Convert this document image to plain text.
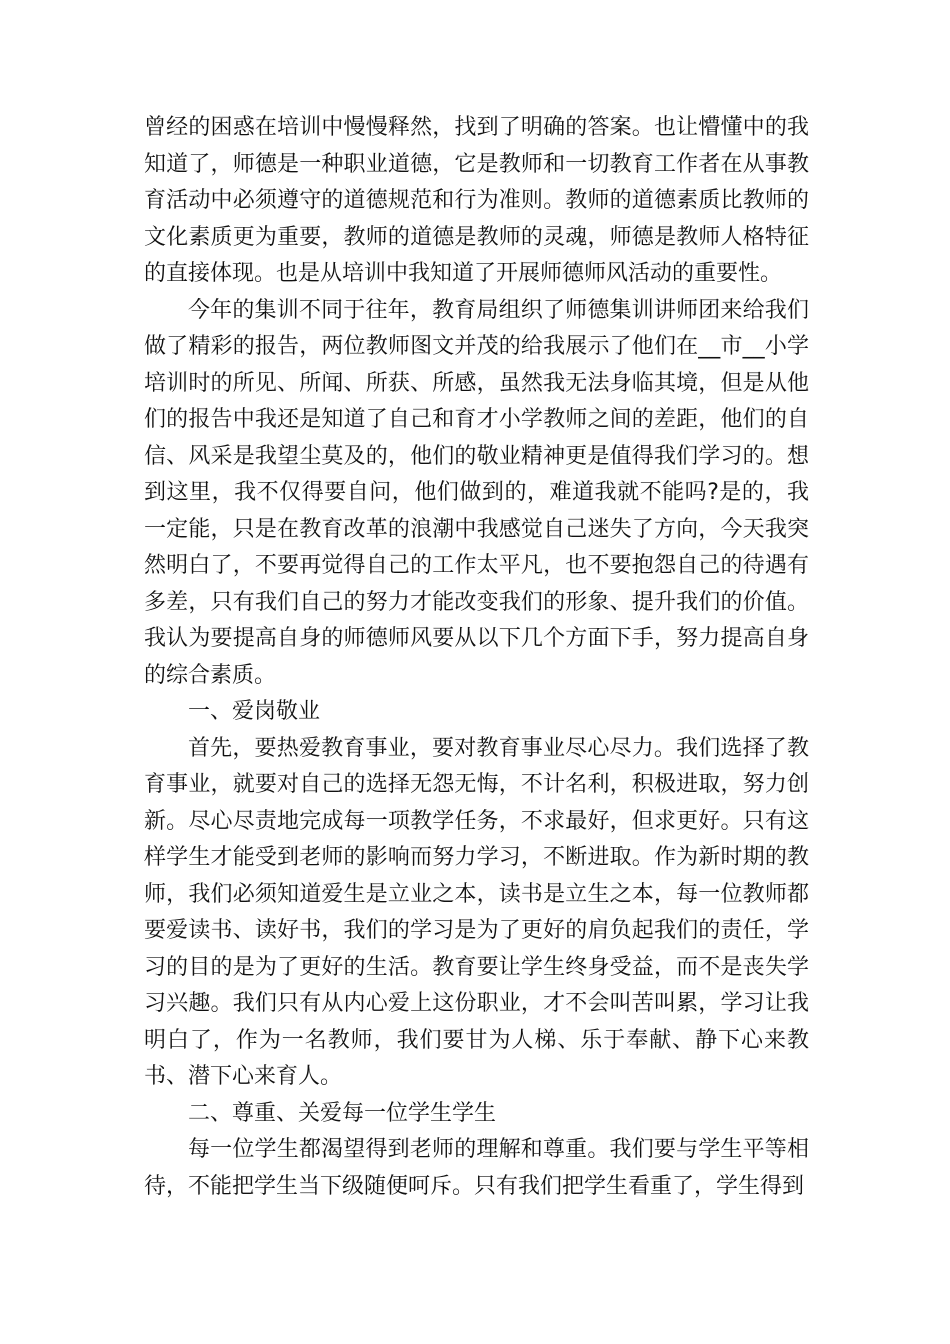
曾经的困惑在培训中慢慢释然，找到了明确的答案。也让懵懂中的我知道了，师德是一种职业道德，它是教师和一切教育工作者在从事教育活动中必须遵守的道德规范和行为准则。教师的道德素质比教师的文化素质更为重要，教师的道德是教师的灵魂，师德是教师人格特征的直接体现。也是从培训中我知道了开展师德师风活动的重要性。

今年的集训不同于往年，教育局组织了师德集训讲师团来给我们做了精彩的报告，两位教师图文并茂的给我展示了他们在__市__小学培训时的所见、所闻、所获、所感，虽然我无法身临其境，但是从他们的报告中我还是知道了自己和育才小学教师之间的差距，他们的自信、风采是我望尘莫及的，他们的敬业精神更是值得我们学习的。想到这里，我不仅得要自问，他们做到的，难道我就不能吗?是的，我一定能，只是在教育改革的浪潮中我感觉自己迷失了方向，今天我突然明白了，不要再觉得自己的工作太平凡，也不要抱怨自己的待遇有多差，只有我们自己的努力才能改变我们的形象、提升我们的价值。我认为要提高自身的师德师风要从以下几个方面下手，努力提高自身的综合素质。

一、爱岗敬业

首先，要热爱教育事业，要对教育事业尽心尽力。我们选择了教育事业，就要对自己的选择无怨无悔，不计名利，积极进取，努力创新。尽心尽责地完成每一项教学任务，不求最好，但求更好。只有这样学生才能受到老师的影响而努力学习，不断进取。作为新时期的教师，我们必须知道爱生是立业之本，读书是立生之本，每一位教师都要爱读书、读好书，我们的学习是为了更好的肩负起我们的责任，学习的目的是为了更好的生活。教育要让学生终身受益，而不是丧失学习兴趣。我们只有从内心爱上这份职业，才不会叫苦叫累，学习让我明白了，作为一名教师，我们要甘为人梯、乐于奉献、静下心来教书、潜下心来育人。

二、尊重、关爱每一位学生学生

每一位学生都渴望得到老师的理解和尊重。我们要与学生平等相待，不能把学生当下级随便呵斥。只有我们把学生看重了，学生得到
